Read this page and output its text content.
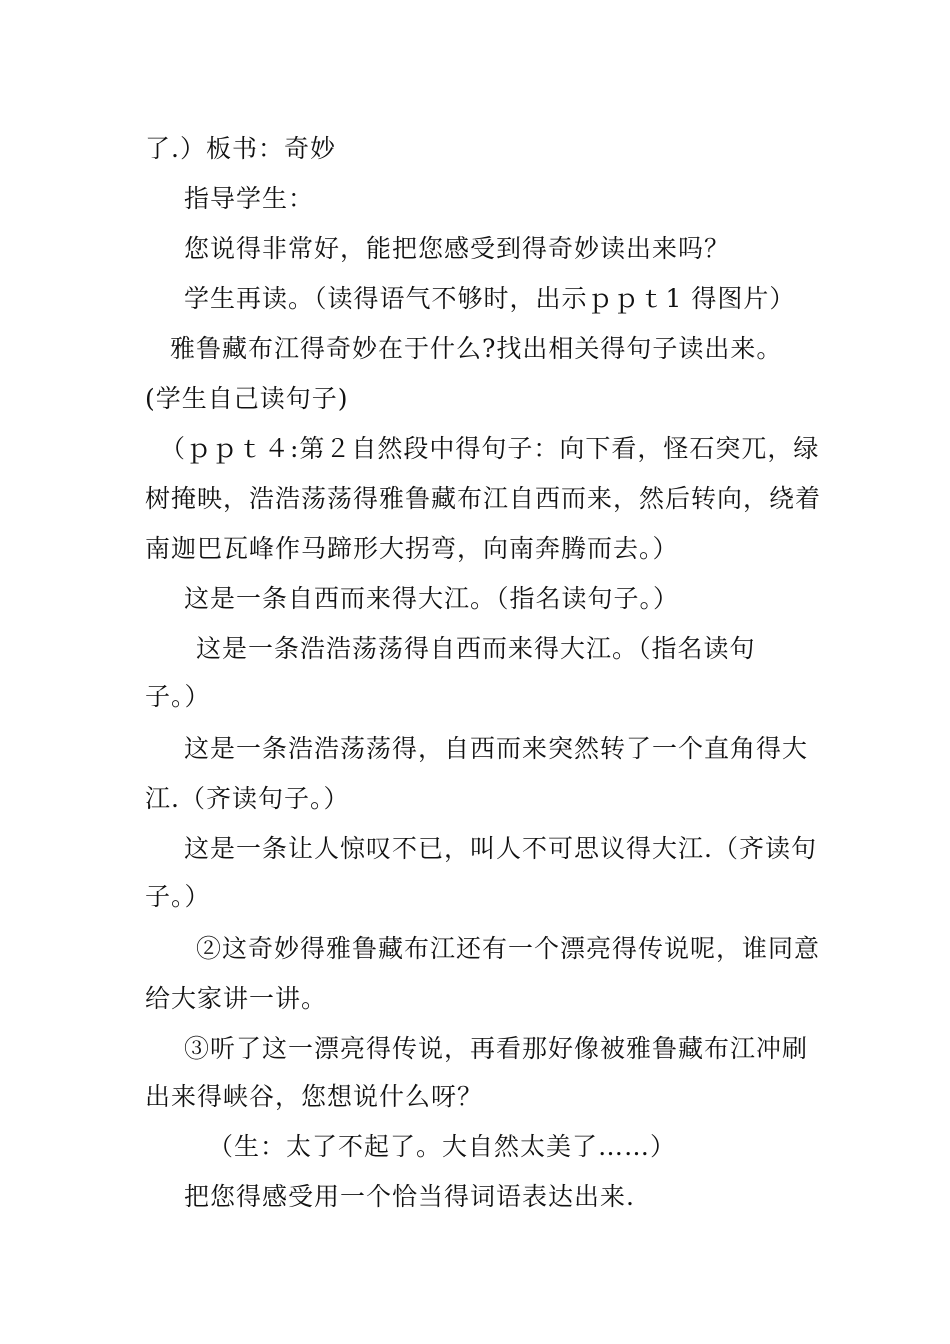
了.）板书：奇妙
指导学生：
您说得非常好，能把您感受到得奇妙读出来吗？
学生再读。（读得语气不够时，出示ｐｐｔ1 得图片）
雅鲁藏布江得奇妙在于什么?找出相关得句子读出来。
(学生自己读句子)
（ｐｐｔ４:第２自然段中得句子：向下看，怪石突兀，绿
树掩映，浩浩荡荡得雅鲁藏布江自西而来，然后转向，绕着
南迦巴瓦峰作马蹄形大拐弯，向南奔腾而去。）
这是一条自西而来得大江。（指名读句子。）
这是一条浩浩荡荡得自西而来得大江。（指名读句
子。）
这是一条浩浩荡荡得，自西而来突然转了一个直角得大
江.（齐读句子。）
这是一条让人惊叹不已，叫人不可思议得大江.（齐读句
子。）
②这奇妙得雅鲁藏布江还有一个漂亮得传说呢，谁同意
给大家讲一讲。
③听了这一漂亮得传说，再看那好像被雅鲁藏布江冲刷
出来得峡谷，您想说什么呀？
（生：太了不起了。大自然太美了……）
把您得感受用一个恰当得词语表达出来.
